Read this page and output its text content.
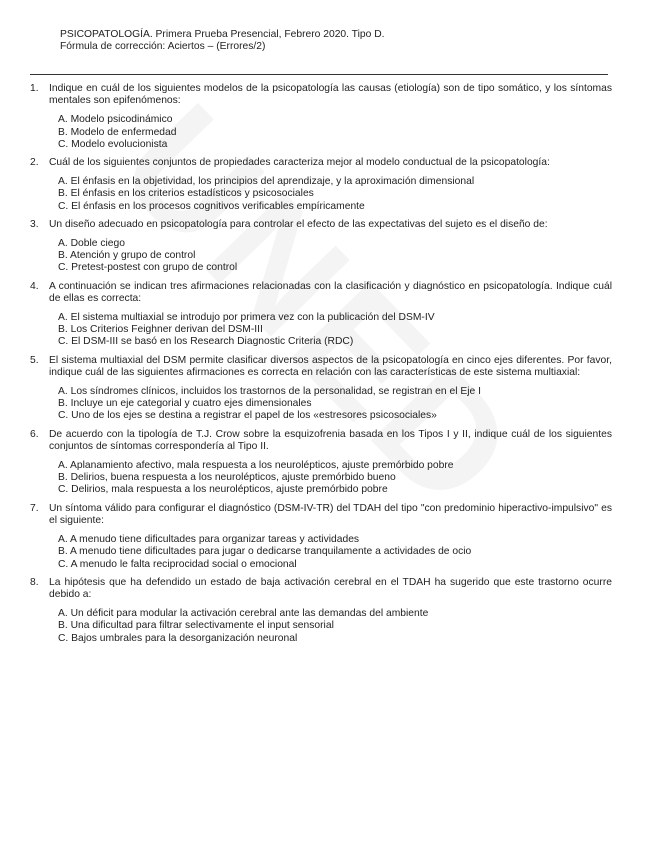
PSICOPATOLOGÍA. Primera Prueba Presencial, Febrero 2020. Tipo D.
Fórmula de corrección: Aciertos – (Errores/2)
1. Indique en cuál de los siguientes modelos de la psicopatología las causas (etiología) son de tipo somático, y los síntomas mentales son epifenómenos:
A. Modelo psicodinámico
B. Modelo de enfermedad
C. Modelo evolucionista
2. Cuál de los siguientes conjuntos de propiedades caracteriza mejor al modelo conductual de la psicopatología:
A. El énfasis en la objetividad, los principios del aprendizaje, y la aproximación dimensional
B. El énfasis en los criterios estadísticos y psicosociales
C. El énfasis en los procesos cognitivos verificables empíricamente
3. Un diseño adecuado en psicopatología para controlar el efecto de las expectativas del sujeto es el diseño de:
A. Doble ciego
B. Atención y grupo de control
C. Pretest-postest con grupo de control
4. A continuación se indican tres afirmaciones relacionadas con la clasificación y diagnóstico en psicopatología. Indique cuál de ellas es correcta:
A. El sistema multiaxial se introdujo por primera vez con la publicación del DSM-IV
B. Los Criterios Feighner derivan del DSM-III
C. El DSM-III se basó en los Research Diagnostic Criteria (RDC)
5. El sistema multiaxial del DSM permite clasificar diversos aspectos de la psicopatología en cinco ejes diferentes. Por favor, indique cuál de las siguientes afirmaciones es correcta en relación con las características de este sistema multiaxial:
A. Los síndromes clínicos, incluidos los trastornos de la personalidad, se registran en el Eje I
B. Incluye un eje categorial y cuatro ejes dimensionales
C. Uno de los ejes se destina a registrar el papel de los «estresores psicosociales»
6. De acuerdo con la tipología de T.J. Crow sobre la esquizofrenia basada en los Tipos I y II, indique cuál de los siguientes conjuntos de síntomas correspondería al Tipo II.
A. Aplanamiento afectivo, mala respuesta a los neurolépticos, ajuste premórbido pobre
B. Delirios, buena respuesta a los neurolépticos, ajuste premórbido bueno
C. Delirios, mala respuesta a los neurolépticos, ajuste premórbido pobre
7. Un síntoma válido para configurar el diagnóstico (DSM-IV-TR) del TDAH del tipo "con predominio hiperactivo-impulsivo" es el siguiente:
A. A menudo tiene dificultades para organizar tareas y actividades
B. A menudo tiene dificultades para jugar o dedicarse tranquilamente a actividades de ocio
C. A menudo le falta reciprocidad social o emocional
8. La hipótesis que ha defendido un estado de baja activación cerebral en el TDAH ha sugerido que este trastorno ocurre debido a:
A. Un déficit para modular la activación cerebral ante las demandas del ambiente
B. Una dificultad para filtrar selectivamente el input sensorial
C. Bajos umbrales para la desorganización neuronal
